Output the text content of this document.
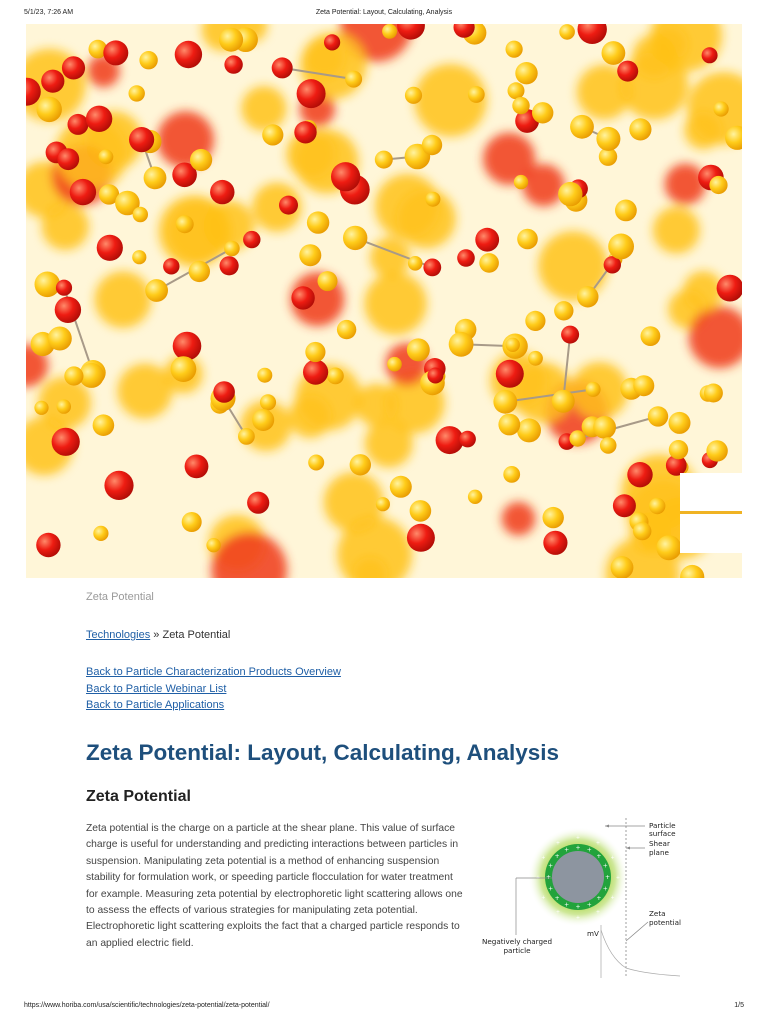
5/1/23, 7:26 AM	Zeta Potential: Layout, Calculating, Analysis
Zeta Potential
Technologies » Zeta Potential
Back to Particle Characterization Products Overview
Back to Particle Webinar List
Back to Particle Applications
Zeta Potential: Layout, Calculating, Analysis
Zeta Potential

Zeta potential is the charge on a particle at the shear plane. This value of surface charge is useful for understanding and predicting interactions between particles in suspension. Manipulating zeta potential is a method of enhancing suspension stability for formulation work, or speeding particle flocculation for water treatment for example. Measuring zeta potential by electrophoretic light scattering allows one to assess the effects of various strategies for manipulating zeta potential. Electrophoretic light scattering exploits the fact that a charged particle responds to an applied electric field.

+
+
+
+
+
+
+
+
+
+
+
+ + +
+
+
+
+
+
+
+
+
+
+
+
+
+
+
Particle
surface
Shear
plane
Zeta
potential
mV
Negatively charged
particle
https://www.horiba.com/usa/scientific/technologies/zeta-potential/zeta-potential/	1/5
